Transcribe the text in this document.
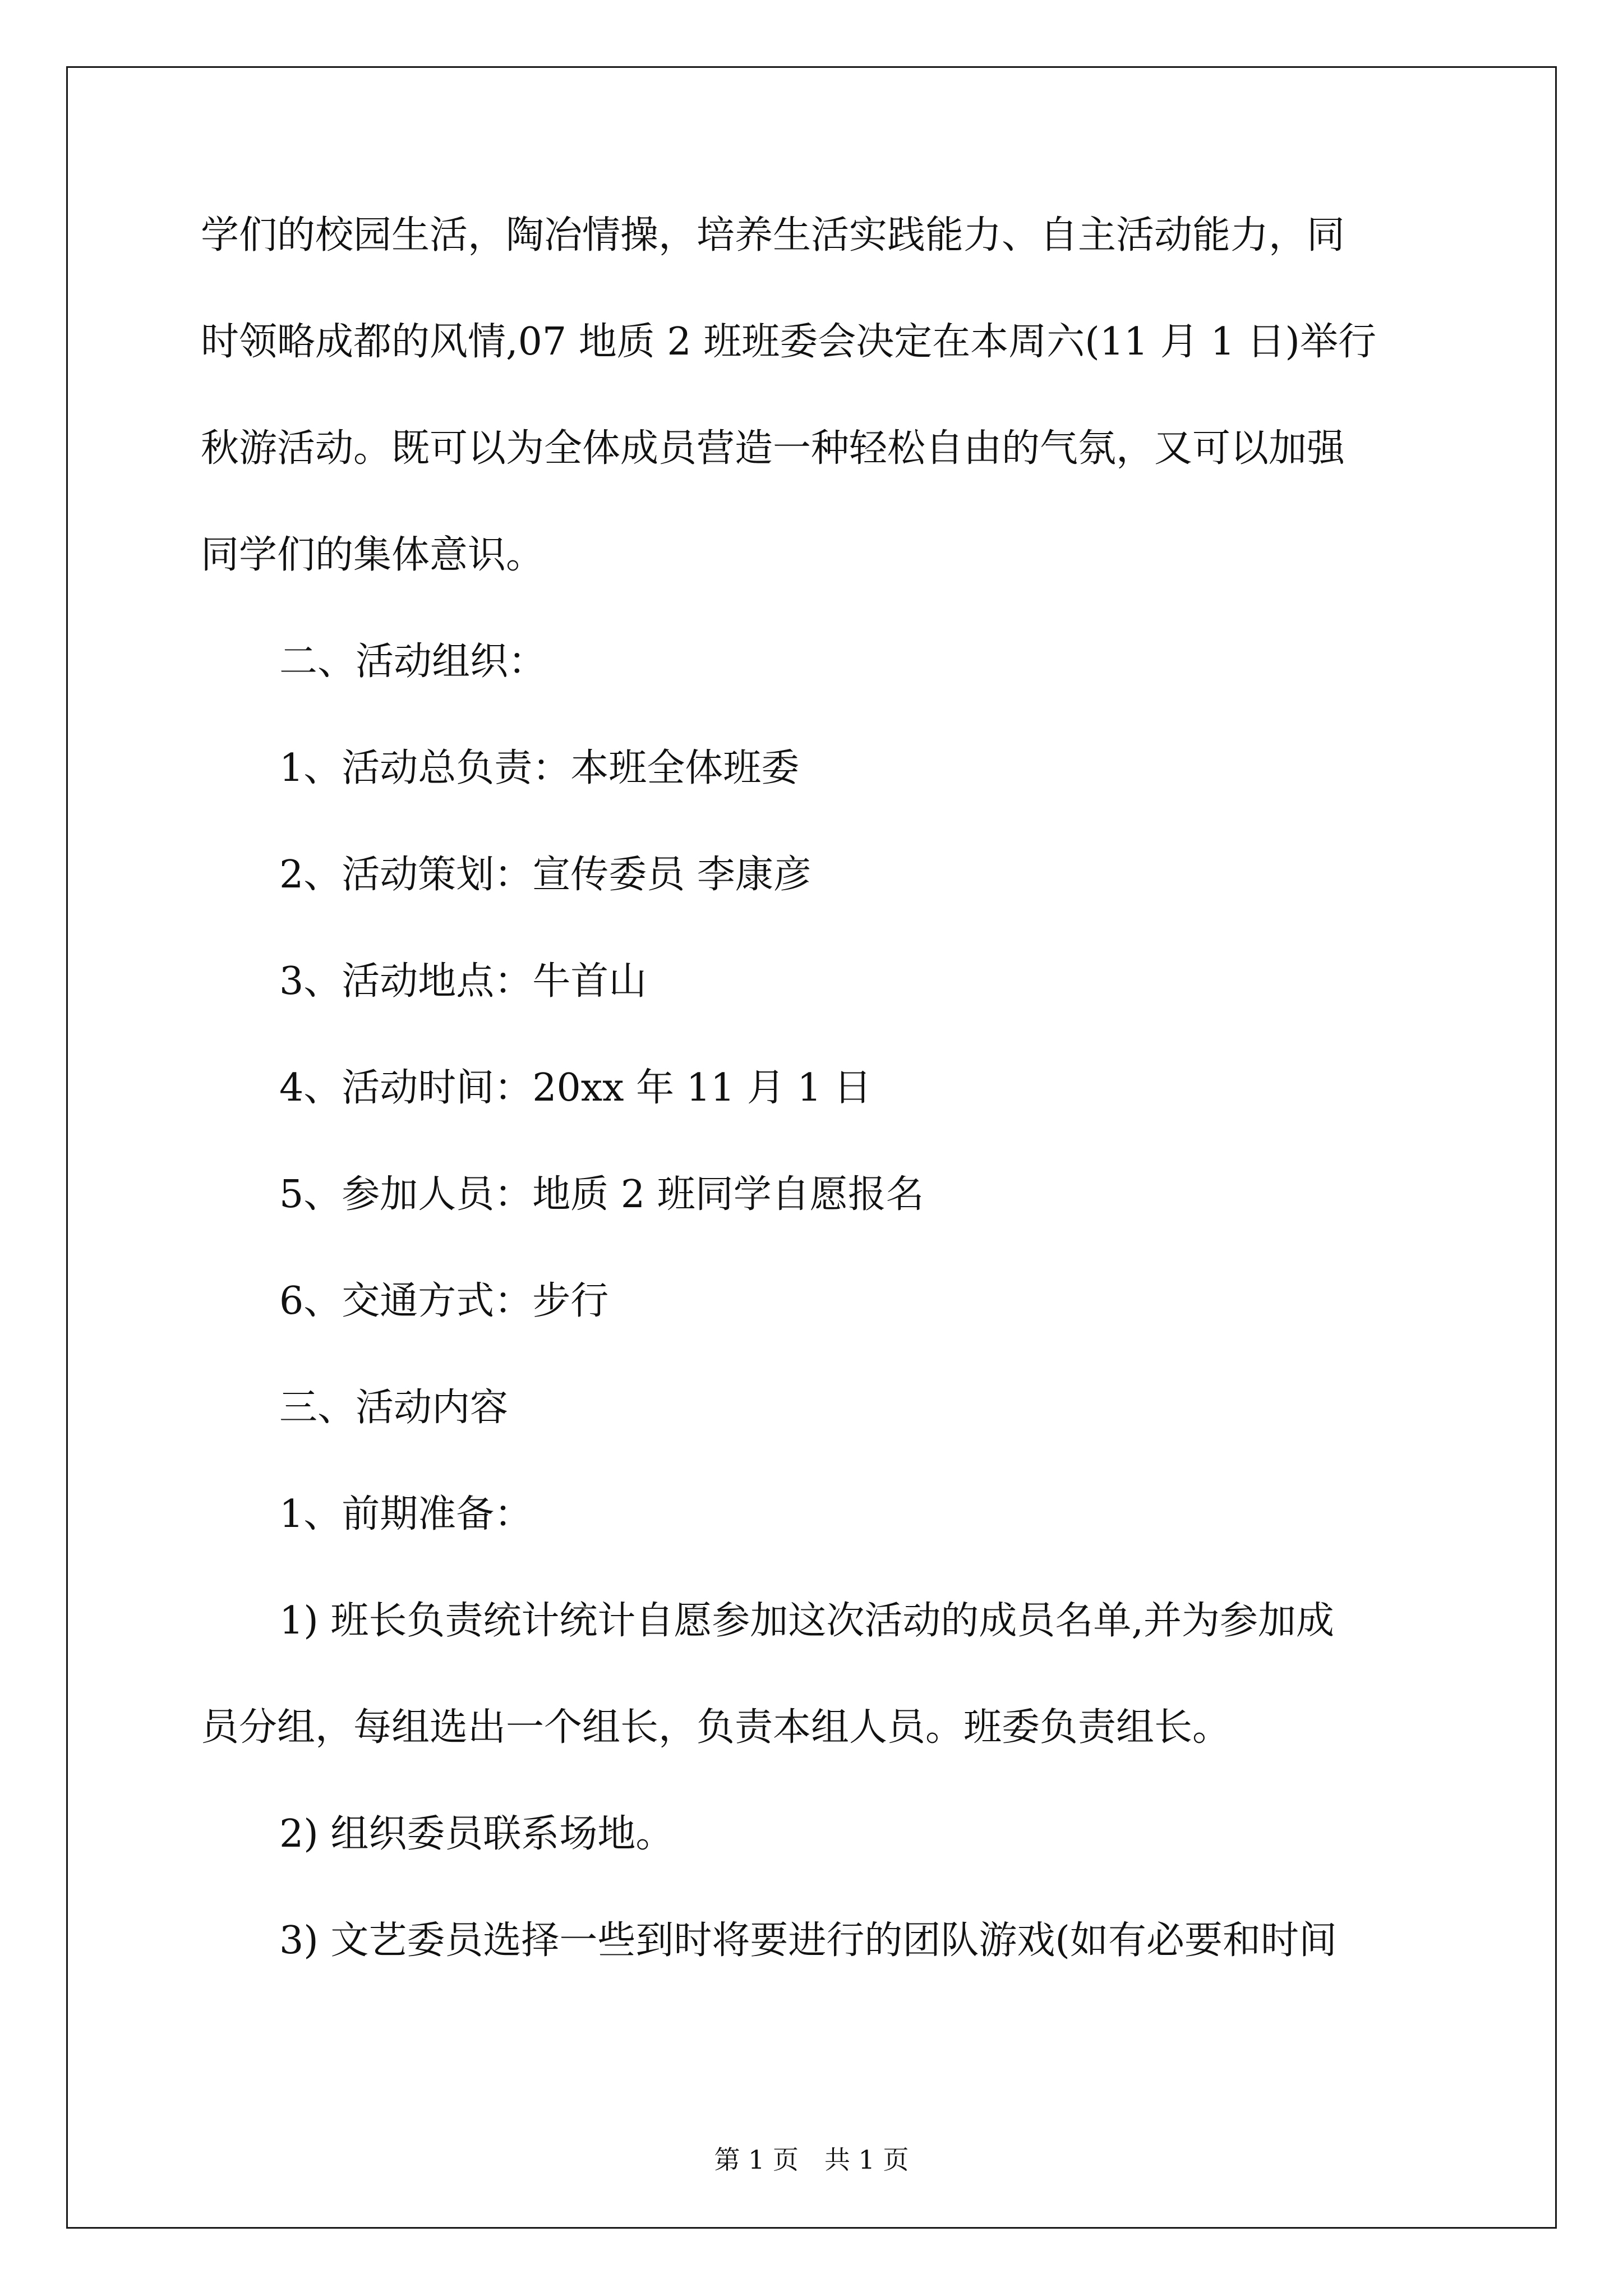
学们的校园生活，陶冶情操，培养生活实践能力、自主活动能力，同
时领略成都的风情,07 地质 2 班班委会决定在本周六(11 月 1 日)举行
秋游活动。既可以为全体成员营造一种轻松自由的气氛，又可以加强
同学们的集体意识。
二、活动组织：
1、活动总负责：本班全体班委
2、活动策划：宣传委员 李康彦
3、活动地点：牛首山
4、活动时间：20xx 年 11 月 1 日
5、参加人员：地质 2 班同学自愿报名
6、交通方式：步行
三、活动内容
1、前期准备：
1) 班长负责统计统计自愿参加这次活动的成员名单,并为参加成
员分组，每组选出一个组长，负责本组人员。班委负责组长。
2) 组织委员联系场地。
3) 文艺委员选择一些到时将要进行的团队游戏(如有必要和时间
第 1 页　共 1 页
